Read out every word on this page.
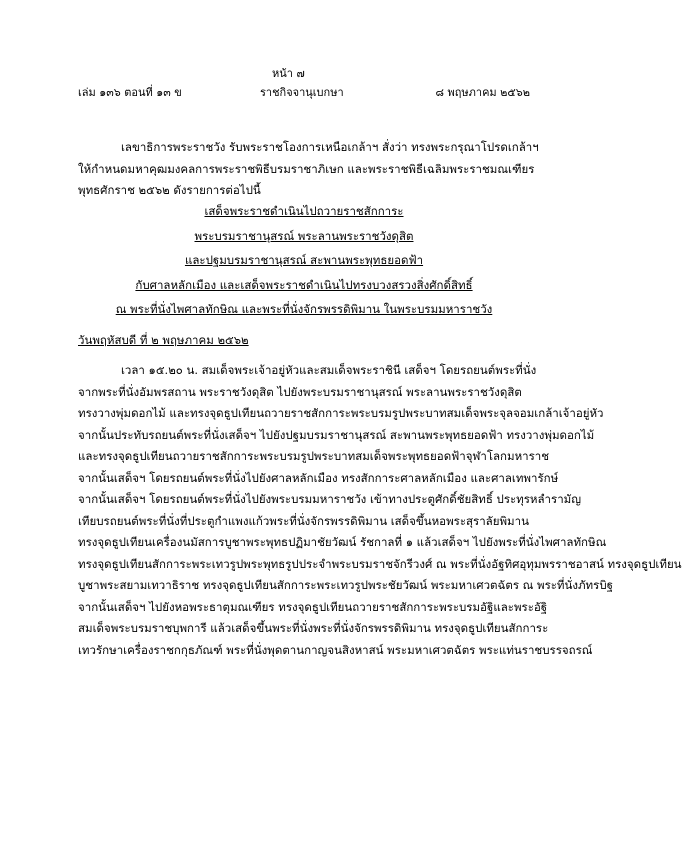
หน้า ๗
เล่ม ๑๓๖ ตอนที่ ๑๓ ข	ราชกิจจานุเบกษา	๘ พฤษภาคม ๒๕๖๒
เลขาธิการพระราชวัง รับพระราชโองการเหนือเกล้าฯ สั่งว่า ทรงพระกรุณาโปรดเกล้าฯ
ให้กำหนดมหาคุฒมงคลการพระราชพิธีบรมราชาภิเษก และพระราชพิธีเฉลิมพระราชมณเฑียร
พุทธศักราช ๒๕๖๒ ดังรายการต่อไปนี้
เสด็จพระราชดำเนินไปถวายราชสักการะ
พระบรมราชานุสรณ์ พระลานพระราชวังดุสิต
และปฐมบรมราชานุสรณ์ สะพานพระพุทธยอดฟ้า
กับศาลหลักเมือง และเสด็จพระราชดำเนินไปทรงบวงสรวงสิ่งศักดิ์สิทธิ์
ณ พระที่นั่งไพศาลทักษิณ และพระที่นั่งจักรพรรดิพิมาน ในพระบรมมหาราชวัง
วันพฤหัสบดี ที่ ๒ พฤษภาคม ๒๕๖๒
เวลา ๑๕.๒๐ น. สมเด็จพระเจ้าอยู่หัวและสมเด็จพระราชินี เสด็จฯ โดยรถยนต์พระที่นั่ง
จากพระที่นั่งอัมพรสถาน พระราชวังดุสิต ไปยังพระบรมราชานุสรณ์ พระลานพระราชวังดุสิต
ทรงวางพุ่มดอกไม้ และทรงจุดธูปเทียนถวายราชสักการะพระบรมรูปพระบาทสมเด็จพระจุลจอมเกล้าเจ้าอยู่หัว
จากนั้นประทับรถยนต์พระที่นั่งเสด็จฯ ไปยังปฐมบรมราชานุสรณ์ สะพานพระพุทธยอดฟ้า ทรงวางพุ่มดอกไม้
และทรงจุดธูปเทียนถวายราชสักการะพระบรมรูปพระบาทสมเด็จพระพุทธยอดฟ้าจุฬาโลกมหาราช
จากนั้นเสด็จฯ โดยรถยนต์พระที่นั่งไปยังศาลหลักเมือง ทรงสักการะศาลหลักเมือง และศาลเทพารักษ์
จากนั้นเสด็จฯ โดยรถยนต์พระที่นั่งไปยังพระบรมมหาราชวัง เข้าทางประตูศักดิ์ชัยสิทธิ์ ประทุรหลำรามัญ
เทียบรถยนต์พระที่นั่งที่ประตูกำแพงแก้วพระที่นั่งจักรพรรดิพิมาน เสด็จขึ้นหอพระสุราลัยพิมาน
ทรงจุดธูปเทียนเครื่องนมัสการบูชาพระพุทธปฏิมาชัยวัฒน์ รัชกาลที่ ๑ แล้วเสด็จฯ ไปยังพระที่นั่งไพศาลทักษิณ
ทรงจุดธูปเทียนสักการะพระเทวรูปพระพุทธรูปประจำพระบรมราชจักรีวงศ์ ณ พระที่นั่งอัฐทิศอุทุมพรราชอาสน์ ทรงจุดธูปเทียน
บูชาพระสยามเทวาธิราช ทรงจุดธูปเทียนสักการะพระเทวรูปพระชัยวัฒน์ พระมหาเศวตฉัตร ณ พระที่นั่งภัทรบิฐ
จากนั้นเสด็จฯ ไปยังหอพระธาตุมณเฑียร ทรงจุดธูปเทียนถวายราชสักการะพระบรมอัฐิและพระอัฐิ
สมเด็จพระบรมราชบุพการี แล้วเสด็จขึ้นพระที่นั่งพระที่นั่งจักรพรรดิพิมาน ทรงจุดธูปเทียนสักการะ
เทวรักษาเครื่องราชกกุธภัณฑ์ พระที่นั่งพุดตานกาญจนสิงหาสน์ พระมหาเศวตฉัตร พระแท่นราชบรรจถรณ์
